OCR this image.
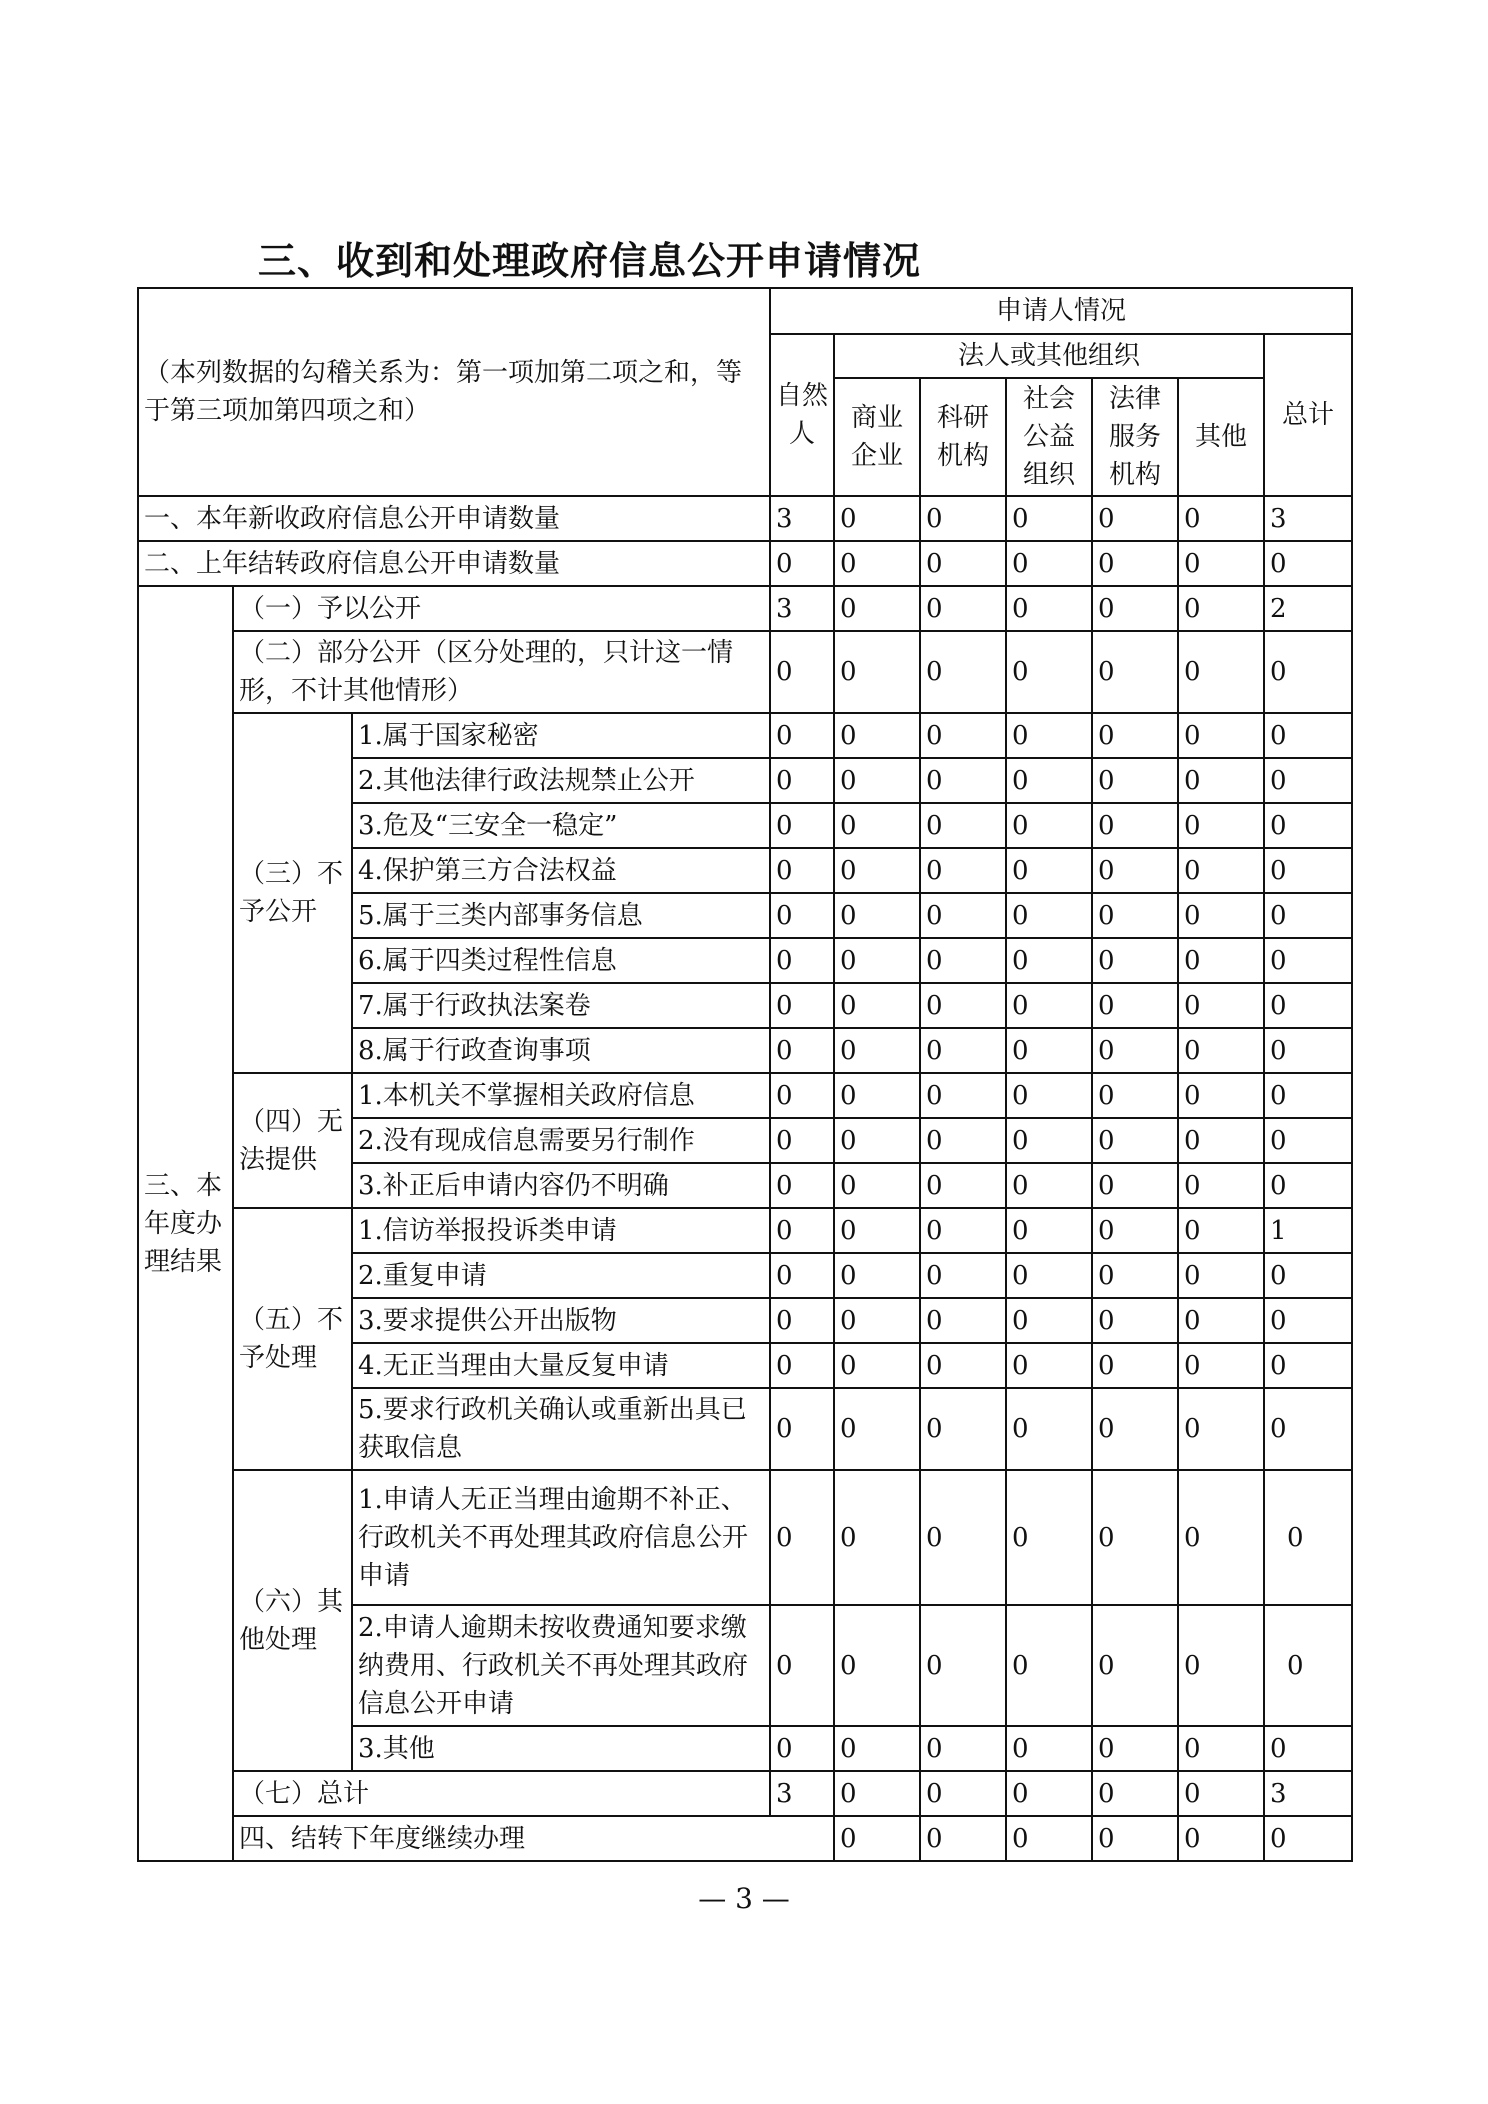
三、收到和处理政府信息公开申请情况
（本列数据的勾稽关系为：第一项加第二项之和，等于第三项加第四项之和）			申请人情况							
			自然人	法人或其他组织					总计	
				商业企业	科研机构	社会公益组织	法律服务机构	其他		
一、本年新收政府信息公开申请数量			3	0	0	0	0	0	3	
二、上年结转政府信息公开申请数量			0	0	0	0	0	0	0	
三、本年度办理结果	（一）予以公开		3	0	0	0	0	0	2	
	（二）部分公开（区分处理的，只计这一情形，不计其他情形）		0	0	0	0	0	0	0	
	（三）不予公开	1.属于国家秘密	0	0	0	0	0	0	0	
		2.其他法律行政法规禁止公开	0	0	0	0	0	0	0	
		3.危及“三安全一稳定”	0	0	0	0	0	0	0	
		4.保护第三方合法权益	0	0	0	0	0	0	0	
		5.属于三类内部事务信息	0	0	0	0	0	0	0	
		6.属于四类过程性信息	0	0	0	0	0	0	0	
		7.属于行政执法案卷	0	0	0	0	0	0	0	
		8.属于行政查询事项	0	0	0	0	0	0	0	
	（四）无法提供	1.本机关不掌握相关政府信息	0	0	0	0	0	0	0	
		2.没有现成信息需要另行制作	0	0	0	0	0	0	0	
		3.补正后申请内容仍不明确	0	0	0	0	0	0	0	
	（五）不予处理	1.信访举报投诉类申请	0	0	0	0	0	0	1	
		2.重复申请	0	0	0	0	0	0	0	
		3.要求提供公开出版物	0	0	0	0	0	0	0	
		4.无正当理由大量反复申请	0	0	0	0	0	0	0	
		5.要求行政机关确认或重新出具已获取信息	0	0	0	0	0	0	0	
	（六）其他处理	1.申请人无正当理由逾期不补正、行政机关不再处理其政府信息公开申请	0	0	0	0	0	0	0	
		2.申请人逾期未按收费通知要求缴纳费用、行政机关不再处理其政府信息公开申请	0	0	0	0	0	0	0	
		3.其他	0	0	0	0	0	0	0	
	（七）总计		3	0	0	0	0	0	3	
	四、结转下年度继续办理			0	0	0	0	0	0	
— 3 —
